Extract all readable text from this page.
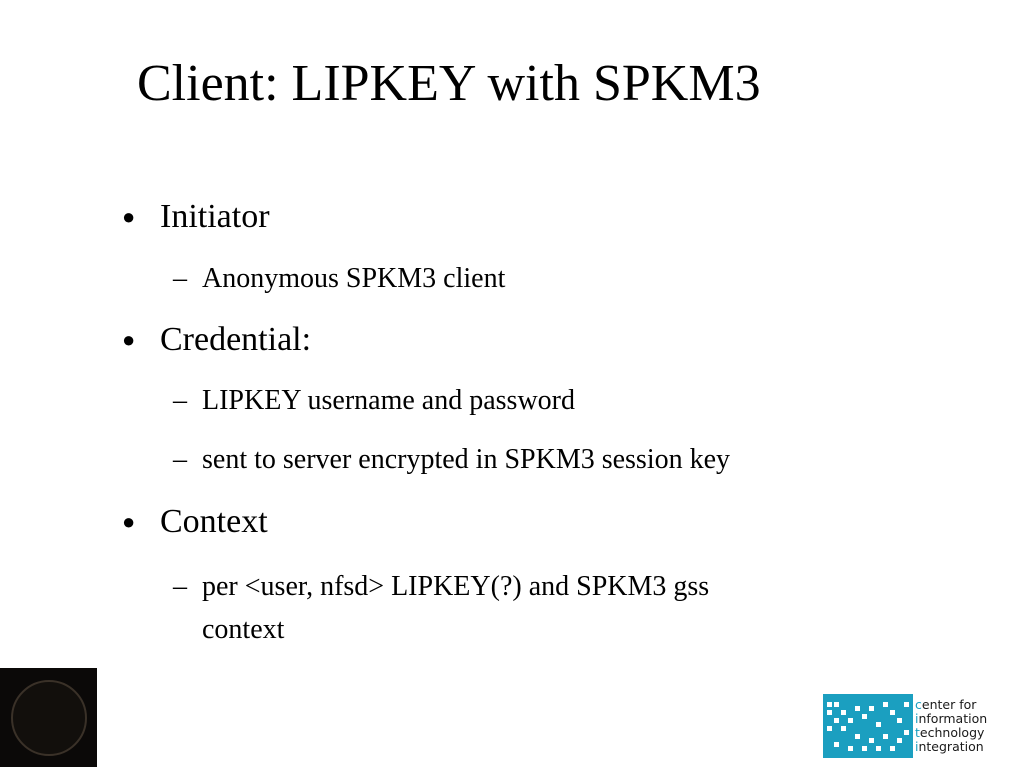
Client: LIPKEY with SPKM3
● Initiator
– Anonymous SPKM3 client
● Credential:
– LIPKEY username and password
– sent to server encrypted in SPKM3 session key
● Context
– per <user, nfsd> LIPKEY(?) and SPKM3 gss
context
center for
information
technology
integration
